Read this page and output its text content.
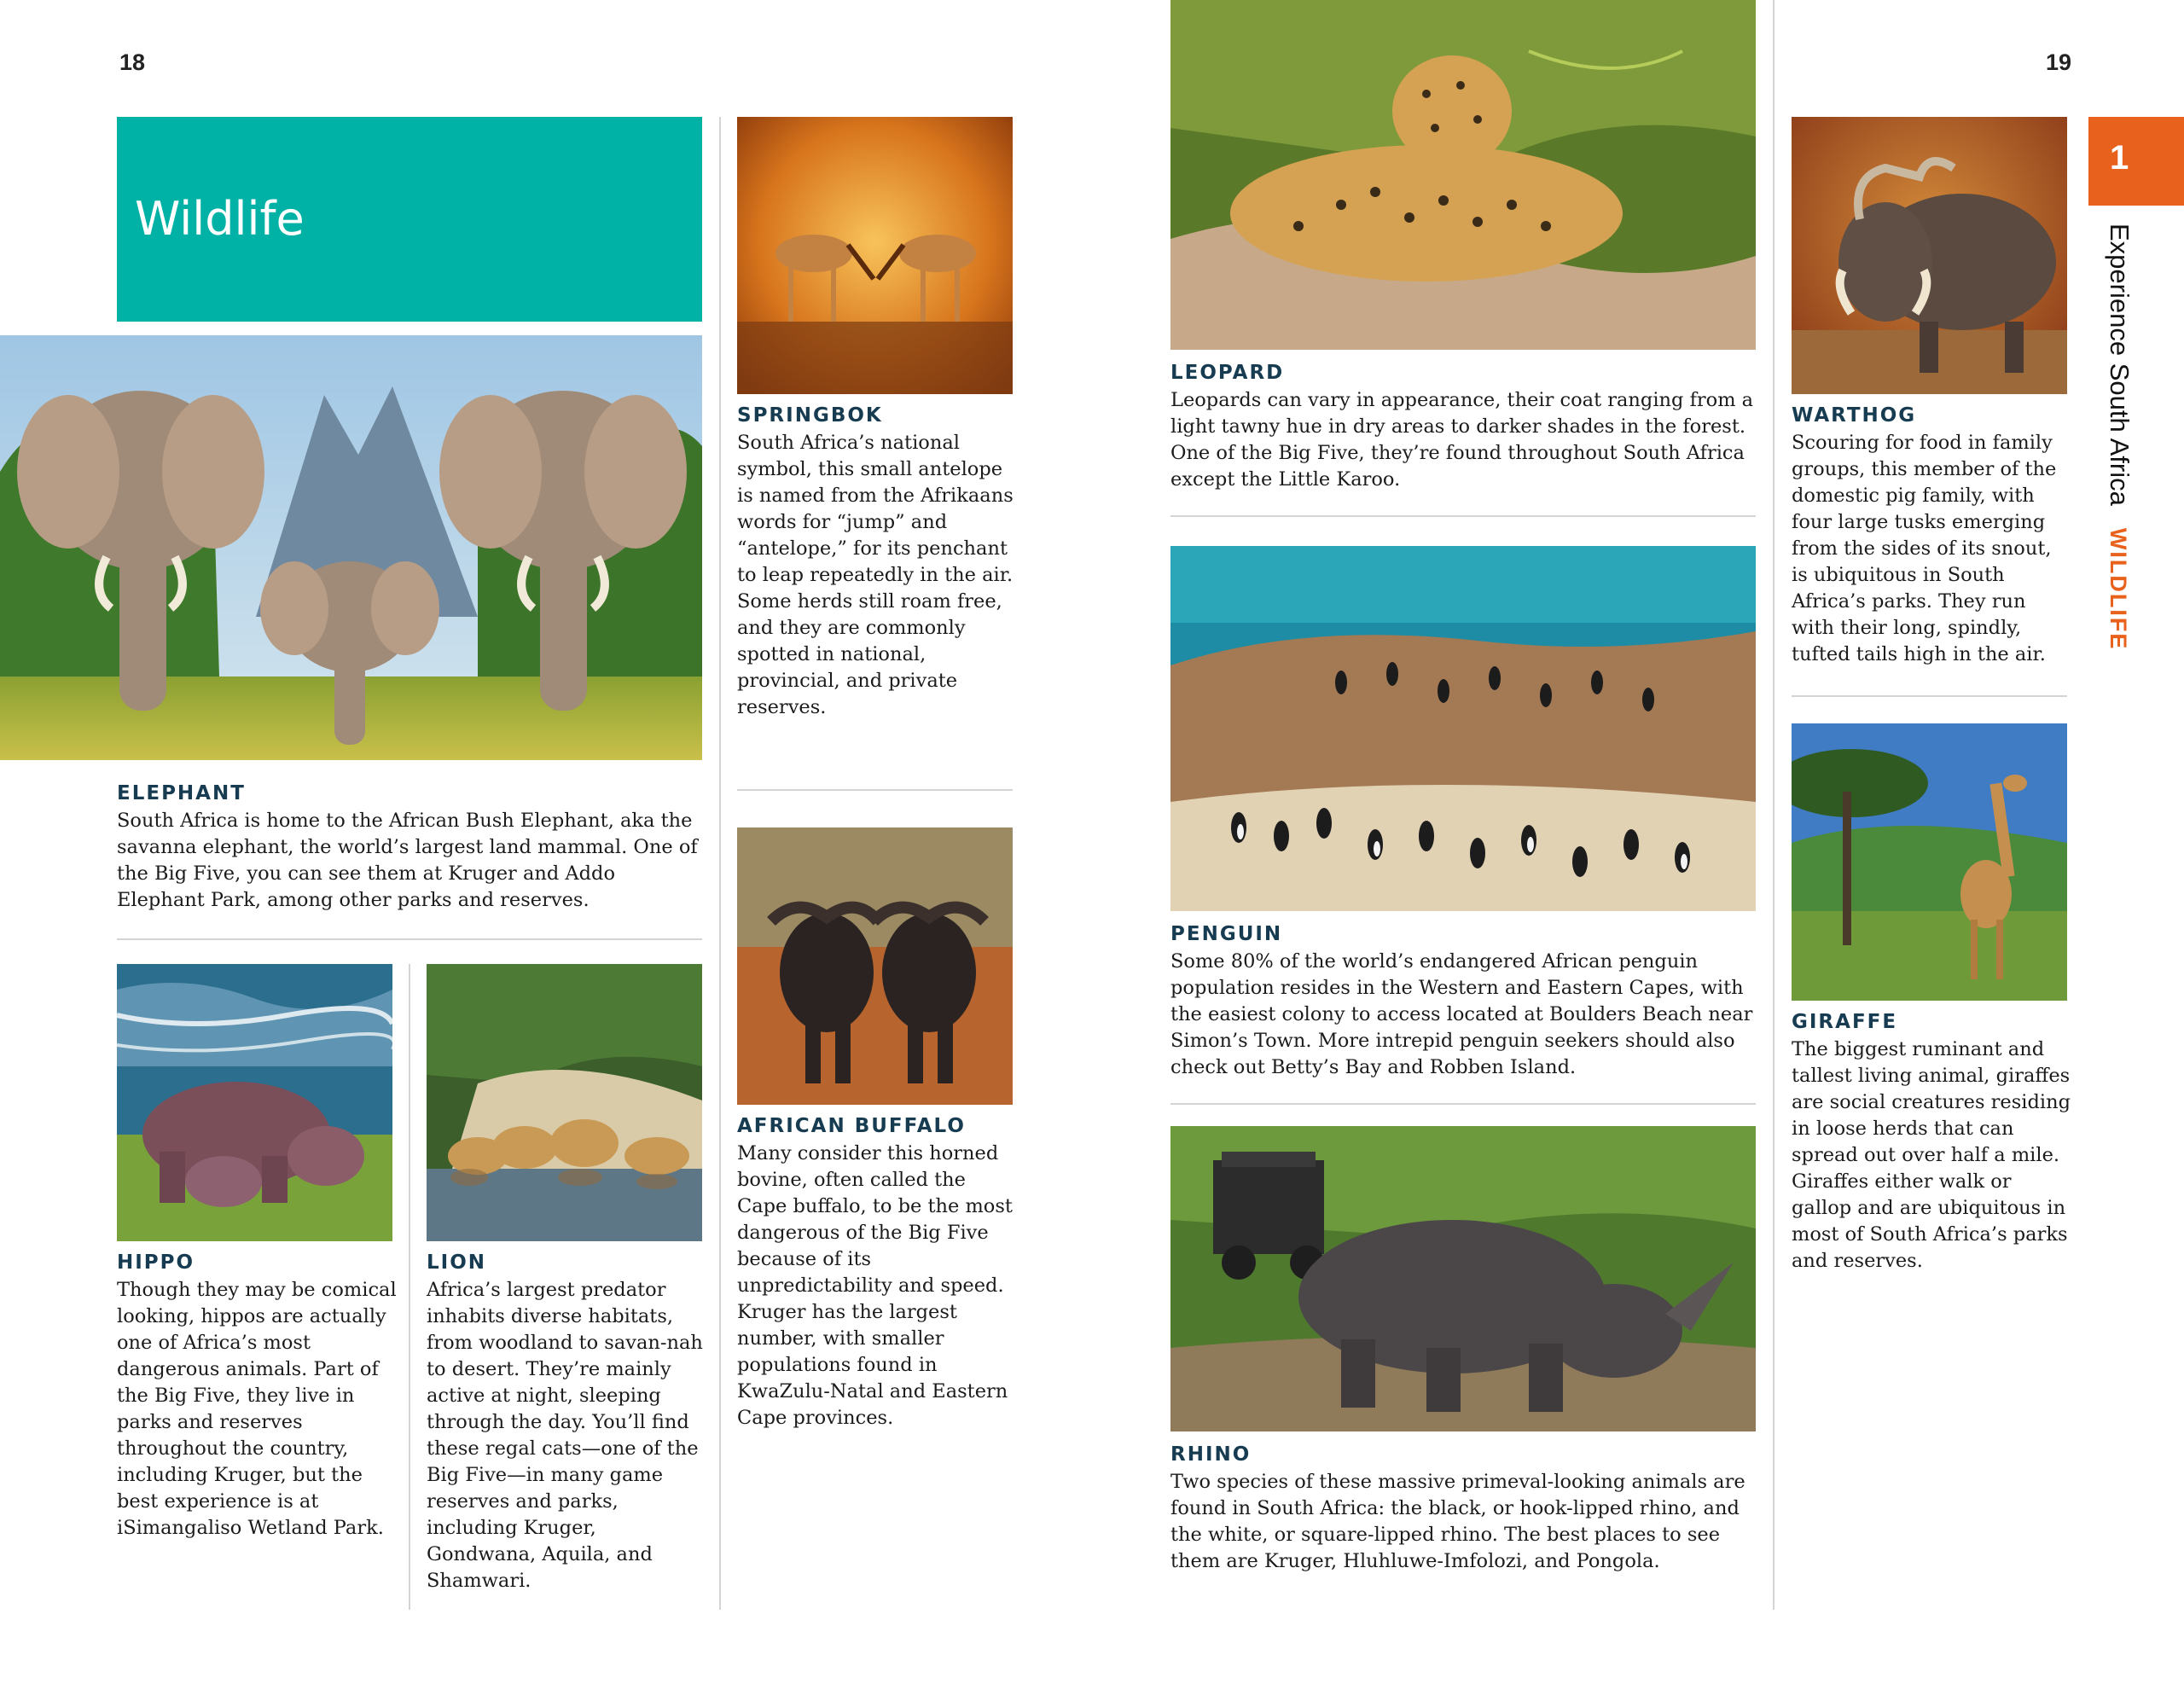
18	19
Wildlife
1
Experience South AfricaWILDLIFE
ELEPHANT
South Africa is home to the African Bush Elephant, aka the savanna elephant, the world’s largest land mammal. One of the Big Five, you can see them at Kruger and Addo Elephant Park, among other parks and reserves.
HIPPO
Though they may be comical looking, hippos are actually one of Africa’s most dangerous animals. Part of the Big Five, they live in parks and reserves throughout the country, including Kruger, but the best experience is at iSimangaliso Wetland Park.
LION
Africa’s largest predator inhabits diverse habitats, from woodland to savan-nah to desert. They’re mainly active at night, sleeping through the day. You’ll find these regal cats—one of the Big Five—in many game reserves and parks, including Kruger, Gondwana, Aquila, and Shamwari.
SPRINGBOK
South Africa’s national symbol, this small antelope is named from the Afrikaans words for “jump” and “antelope,” for its penchant to leap repeatedly in the air. Some herds still roam free, and they are commonly spotted in national, provincial, and private reserves.
AFRICAN BUFFALO
Many consider this horned bovine, often called the Cape buffalo, to be the most dangerous of the Big Five because of its unpredictability and speed. Kruger has the largest number, with smaller populations found in KwaZulu-Natal and Eastern Cape provinces.
LEOPARD
Leopards can vary in appearance, their coat ranging from a light tawny hue in dry areas to darker shades in the forest. One of the Big Five, they’re found throughout South Africa except the Little Karoo.
PENGUIN
Some 80% of the world’s endangered African penguin population resides in the Western and Eastern Capes, with the easiest colony to access located at Boulders Beach near Simon’s Town. More intrepid penguin seekers should also check out Betty’s Bay and Robben Island.
RHINO
Two species of these massive primeval-looking animals are found in South Africa: the black, or hook-lipped rhino, and the white, or square-lipped rhino. The best places to see them are Kruger, Hluhluwe-Imfolozi, and Pongola.
WARTHOG
Scouring for food in family groups, this member of the domestic pig family, with four large tusks emerging from the sides of its snout, is ubiquitous in South Africa’s parks. They run with their long, spindly, tufted tails high in the air.
GIRAFFE
The biggest ruminant and tallest living animal, giraffes are social creatures residing in loose herds that can spread out over half a mile. Giraffes either walk or gallop and are ubiquitous in most of South Africa’s parks and reserves.
